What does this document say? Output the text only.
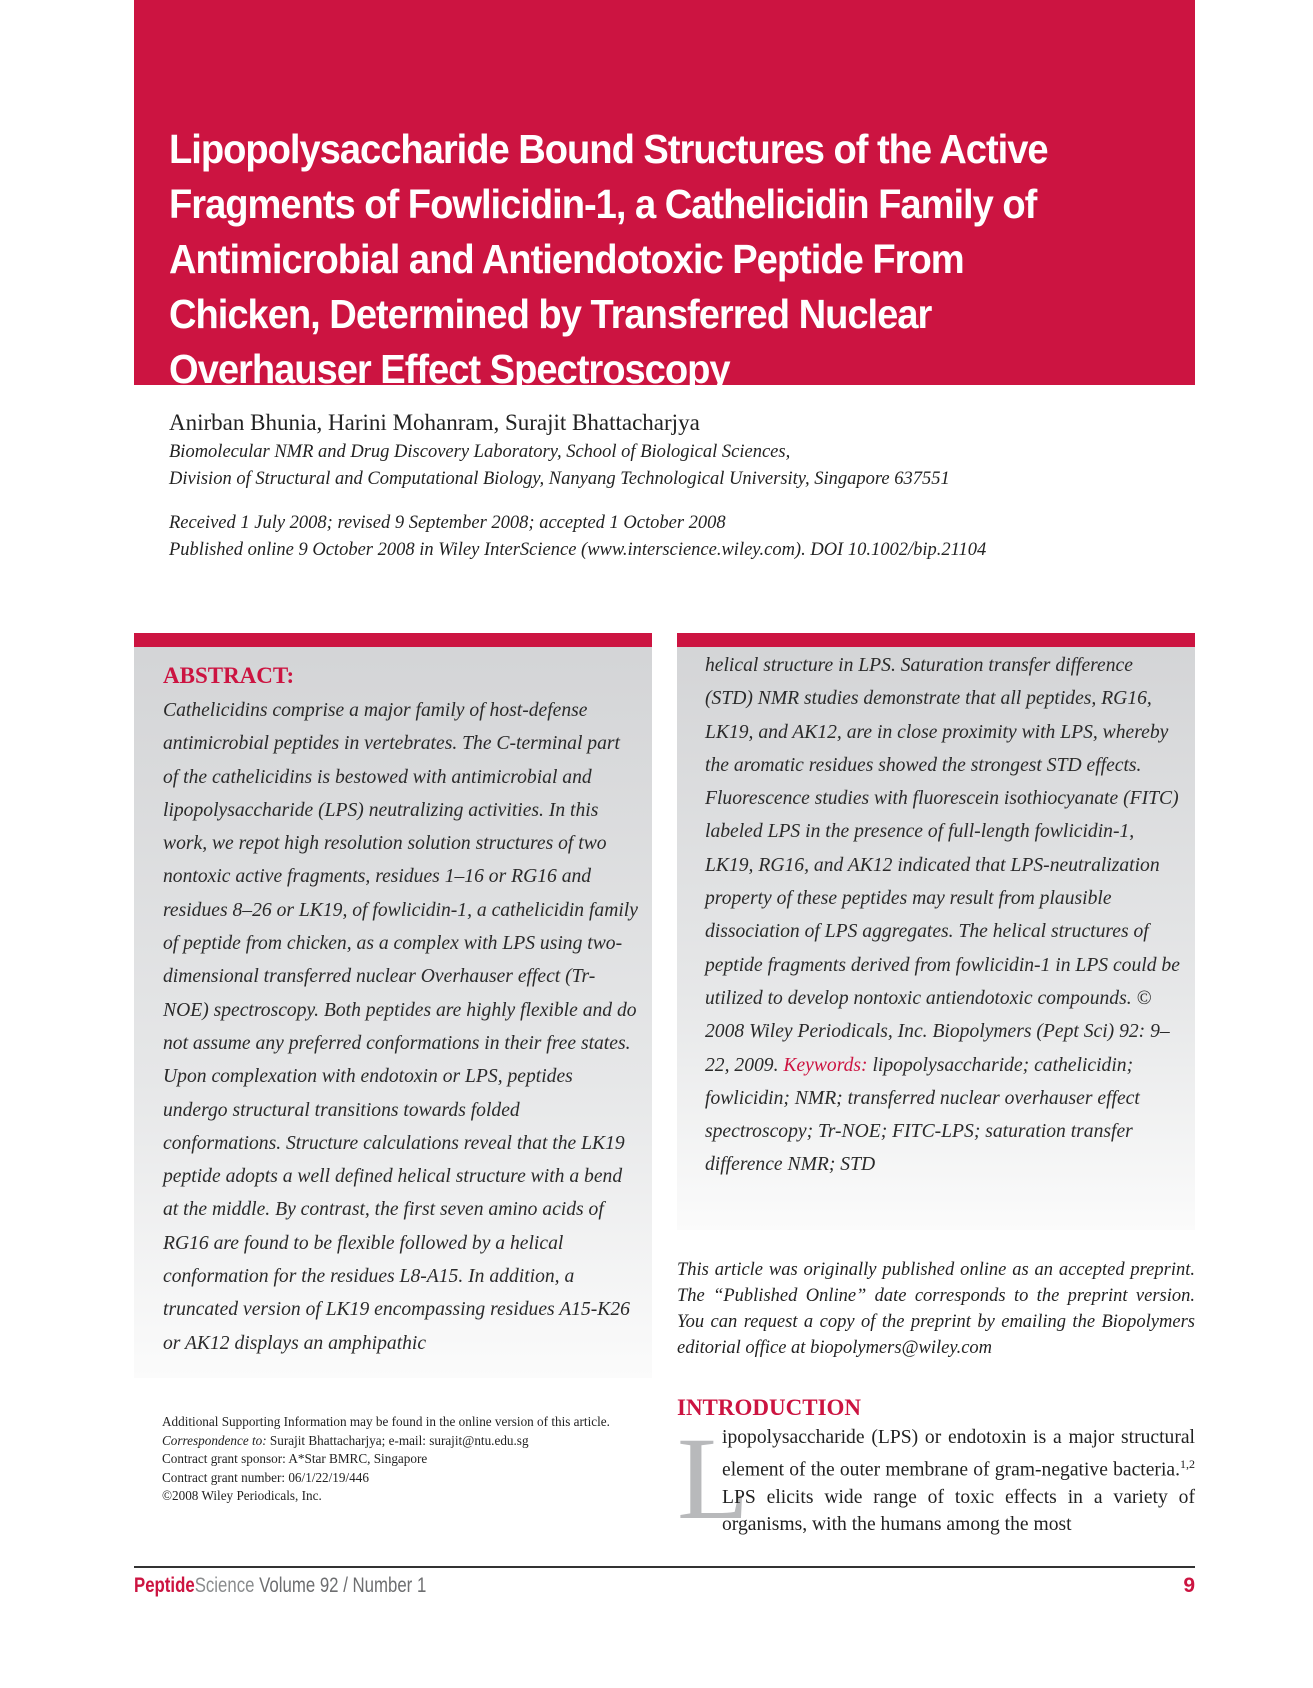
Lipopolysaccharide Bound Structures of the Active Fragments of Fowlicidin-1, a Cathelicidin Family of Antimicrobial and Antiendotoxic Peptide From Chicken, Determined by Transferred Nuclear Overhauser Effect Spectroscopy
Anirban Bhunia, Harini Mohanram, Surajit Bhattacharjya
Biomolecular NMR and Drug Discovery Laboratory, School of Biological Sciences,
Division of Structural and Computational Biology, Nanyang Technological University, Singapore 637551
Received 1 July 2008; revised 9 September 2008; accepted 1 October 2008
Published online 9 October 2008 in Wiley InterScience (www.interscience.wiley.com). DOI 10.1002/bip.21104
ABSTRACT:

Cathelicidins comprise a major family of host-defense antimicrobial peptides in vertebrates. The C-terminal part of the cathelicidins is bestowed with antimicrobial and lipopolysaccharide (LPS) neutralizing activities. In this work, we repot high resolution solution structures of two nontoxic active fragments, residues 1–16 or RG16 and residues 8–26 or LK19, of fowlicidin-1, a cathelicidin family of peptide from chicken, as a complex with LPS using two-dimensional transferred nuclear Overhauser effect (Tr-NOE) spectroscopy. Both peptides are highly flexible and do not assume any preferred conformations in their free states. Upon complexation with endotoxin or LPS, peptides undergo structural transitions towards folded conformations. Structure calculations reveal that the LK19 peptide adopts a well defined helical structure with a bend at the middle. By contrast, the first seven amino acids of RG16 are found to be flexible followed by a helical conformation for the residues L8-A15. In addition, a truncated version of LK19 encompassing residues A15-K26 or AK12 displays an amphipathic

helical structure in LPS. Saturation transfer difference (STD) NMR studies demonstrate that all peptides, RG16, LK19, and AK12, are in close proximity with LPS, whereby the aromatic residues showed the strongest STD effects. Fluorescence studies with fluorescein isothiocyanate (FITC) labeled LPS in the presence of full-length fowlicidin-1, LK19, RG16, and AK12 indicated that LPS-neutralization property of these peptides may result from plausible dissociation of LPS aggregates. The helical structures of peptide fragments derived from fowlicidin-1 in LPS could be utilized to develop nontoxic antiendotoxic compounds. © 2008 Wiley Periodicals, Inc. Biopolymers (Pept Sci) 92: 9–22, 2009. Keywords: lipopolysaccharide; cathelicidin; fowlicidin; NMR; transferred nuclear overhauser effect spectroscopy; Tr-NOE; FITC-LPS; saturation transfer difference NMR; STD

This article was originally published online as an accepted preprint. The “Published Online” date corresponds to the preprint version. You can request a copy of the preprint by emailing the Biopolymers editorial office at biopolymers@wiley.com

Additional Supporting Information may be found in the online version of this article.
Correspondence to: Surajit Bhattacharjya; e-mail: surajit@ntu.edu.sg
Contract grant sponsor: A*Star BMRC, Singapore
Contract grant number: 06/1/22/19/446
©2008 Wiley Periodicals, Inc.
INTRODUCTION
L

ipopolysaccharide (LPS) or endotoxin is a major structural element of the outer membrane of gram-negative bacteria.$^{1,2}$ LPS elicits wide range of toxic effects in a variety of organisms, with the humans among the most

PeptideScience Volume 92 / Number 1	9
